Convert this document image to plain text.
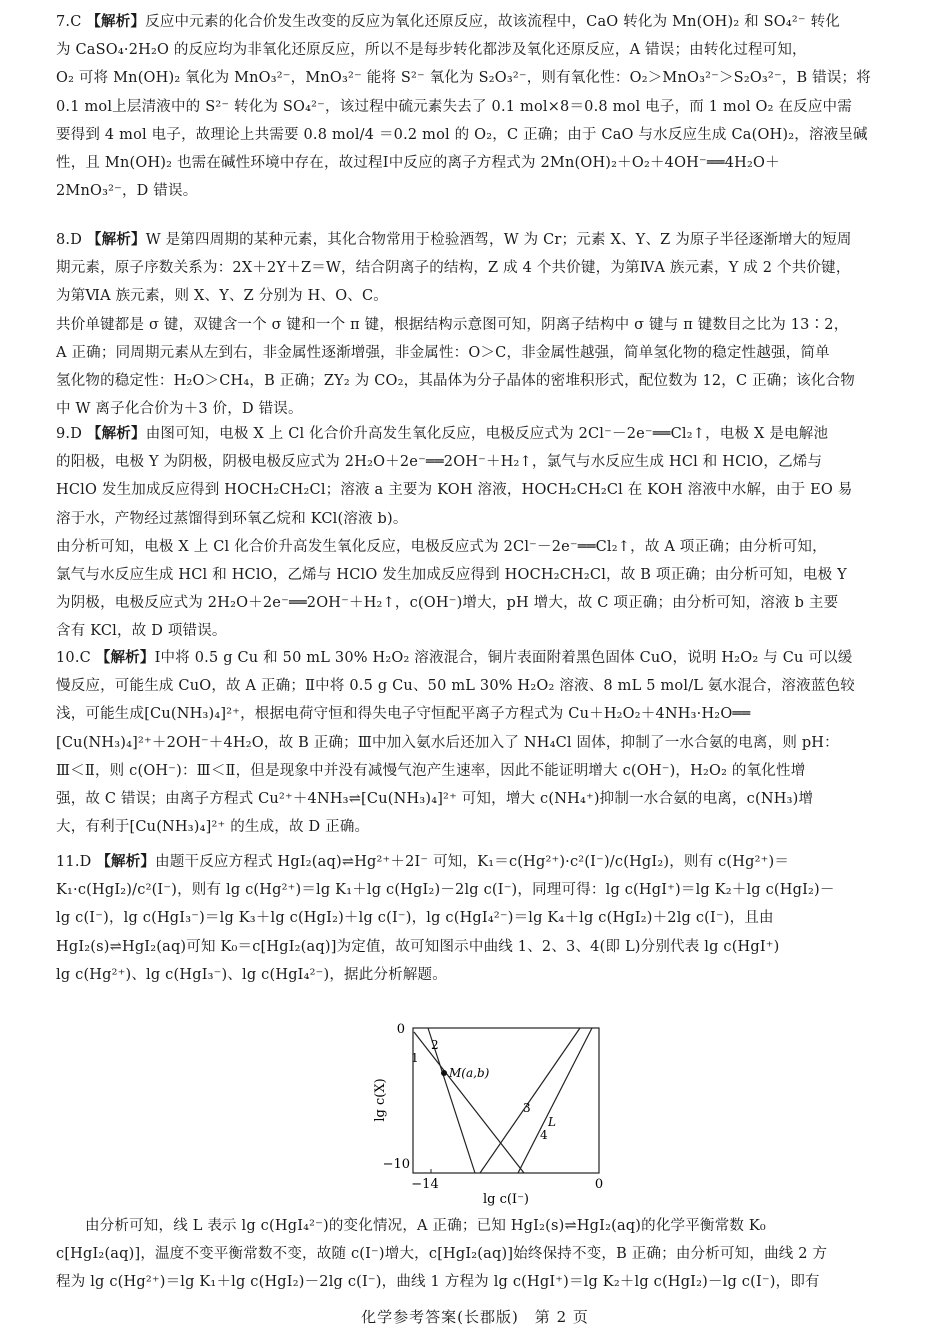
7.C 【解析】反应中元素的化合价发生改变的反应为氧化还原反应，故该流程中，CaO 转化为 Mn(OH)₂ 和 SO₄²⁻ 转化
为 CaSO₄·2H₂O 的反应均为非氧化还原反应，所以不是每步转化都涉及氧化还原反应，A 错误；由转化过程可知，
O₂ 可将 Mn(OH)₂ 氧化为 MnO₃²⁻，MnO₃²⁻ 能将 S²⁻ 氧化为 S₂O₃²⁻，则有氧化性：O₂＞MnO₃²⁻＞S₂O₃²⁻，B 错误；将
0.1 mol上层清液中的 S²⁻ 转化为 SO₄²⁻，该过程中硫元素失去了 0.1 mol×8＝0.8 mol 电子，而 1 mol O₂ 在反应中需
要得到 4 mol 电子，故理论上共需要 0.8 mol/4 ＝0.2 mol 的 O₂，C 正确；由于 CaO 与水反应生成 Ca(OH)₂，溶液呈碱
性，且 Mn(OH)₂ 也需在碱性环境中存在，故过程Ⅰ中反应的离子方程式为 2Mn(OH)₂＋O₂＋4OH⁻══4H₂O＋
2MnO₃²⁻，D 错误。
8.D 【解析】W 是第四周期的某种元素，其化合物常用于检验酒驾，W 为 Cr；元素 X、Y、Z 为原子半径逐渐增大的短周
期元素，原子序数关系为：2X＋2Y＋Z＝W，结合阴离子的结构，Z 成 4 个共价键，为第ⅣA 族元素，Y 成 2 个共价键，
为第ⅥA 族元素，则 X、Y、Z 分别为 H、O、C。
共价单键都是 σ 键，双键含一个 σ 键和一个 π 键，根据结构示意图可知，阴离子结构中 σ 键与 π 键数目之比为 13∶2，
A 正确；同周期元素从左到右，非金属性逐渐增强，非金属性：O＞C，非金属性越强，简单氢化物的稳定性越强，简单
氢化物的稳定性：H₂O＞CH₄，B 正确；ZY₂ 为 CO₂，其晶体为分子晶体的密堆积形式，配位数为 12，C 正确；该化合物
中 W 离子化合价为＋3 价，D 错误。
9.D 【解析】由图可知，电极 X 上 Cl 化合价升高发生氧化反应，电极反应式为 2Cl⁻－2e⁻══Cl₂↑，电极 X 是电解池
的阳极，电极 Y 为阴极，阴极电极反应式为 2H₂O＋2e⁻══2OH⁻＋H₂↑，氯气与水反应生成 HCl 和 HClO，乙烯与
HClO 发生加成反应得到 HOCH₂CH₂Cl；溶液 a 主要为 KOH 溶液，HOCH₂CH₂Cl 在 KOH 溶液中水解，由于 EO 易
溶于水，产物经过蒸馏得到环氧乙烷和 KCl(溶液 b)。
由分析可知，电极 X 上 Cl 化合价升高发生氧化反应，电极反应式为 2Cl⁻－2e⁻══Cl₂↑，故 A 项正确；由分析可知，
氯气与水反应生成 HCl 和 HClO，乙烯与 HClO 发生加成反应得到 HOCH₂CH₂Cl，故 B 项正确；由分析可知，电极 Y
为阴极，电极反应式为 2H₂O＋2e⁻══2OH⁻＋H₂↑，c(OH⁻)增大，pH 增大，故 C 项正确；由分析可知，溶液 b 主要
含有 KCl，故 D 项错误。
10.C 【解析】Ⅰ中将 0.5 g Cu 和 50 mL 30% H₂O₂ 溶液混合，铜片表面附着黑色固体 CuO，说明 H₂O₂ 与 Cu 可以缓
慢反应，可能生成 CuO，故 A 正确；Ⅱ中将 0.5 g Cu、50 mL 30% H₂O₂ 溶液、8 mL 5 mol/L 氨水混合，溶液蓝色较
浅，可能生成[Cu(NH₃)₄]²⁺，根据电荷守恒和得失电子守恒配平离子方程式为 Cu＋H₂O₂＋4NH₃·H₂O══
[Cu(NH₃)₄]²⁺＋2OH⁻＋4H₂O，故 B 正确；Ⅲ中加入氨水后还加入了 NH₄Cl 固体，抑制了一水合氨的电离，则 pH：
Ⅲ＜Ⅱ，则 c(OH⁻)：Ⅲ＜Ⅱ，但是现象中并没有减慢气泡产生速率，因此不能证明增大 c(OH⁻)，H₂O₂ 的氧化性增
强，故 C 错误；由离子方程式 Cu²⁺＋4NH₃⇌[Cu(NH₃)₄]²⁺ 可知，增大 c(NH₄⁺)抑制一水合氨的电离，c(NH₃)增
大，有利于[Cu(NH₃)₄]²⁺ 的生成，故 D 正确。
11.D 【解析】由题干反应方程式 HgI₂(aq)⇌Hg²⁺＋2I⁻ 可知，K₁＝c(Hg²⁺)·c²(I⁻)/c(HgI₂)，则有 c(Hg²⁺)＝
K₁·c(HgI₂)/c²(I⁻)，则有 lg c(Hg²⁺)＝lg K₁＋lg c(HgI₂)－2lg c(I⁻)，同理可得：lg c(HgI⁺)＝lg K₂＋lg c(HgI₂)－
lg c(I⁻)，lg c(HgI₃⁻)＝lg K₃＋lg c(HgI₂)＋lg c(I⁻)，lg c(HgI₄²⁻)＝lg K₄＋lg c(HgI₂)＋2lg c(I⁻)，且由
HgI₂(s)⇌HgI₂(aq)可知 K₀＝c[HgI₂(aq)]为定值，故可知图示中曲线 1、2、3、4(即 L)分别代表 lg c(HgI⁺)
lg c(Hg²⁺)、lg c(HgI₃⁻)、lg c(HgI₄²⁻)，据此分析解题。
0
−10
−14	0
lg c(I⁻)
lg c(X)
M(a,b)
1
2
3
4
L
由分析可知，线 L 表示 lg c(HgI₄²⁻)的变化情况，A 正确；已知 HgI₂(s)⇌HgI₂(aq)的化学平衡常数 K₀
c[HgI₂(aq)]，温度不变平衡常数不变，故随 c(I⁻)增大，c[HgI₂(aq)]始终保持不变，B 正确；由分析可知，曲线 2 方
程为 lg c(Hg²⁺)＝lg K₁＋lg c(HgI₂)－2lg c(I⁻)，曲线 1 方程为 lg c(HgI⁺)＝lg K₂＋lg c(HgI₂)－lg c(I⁻)，即有
化学参考答案(长郡版)　第 2 页
